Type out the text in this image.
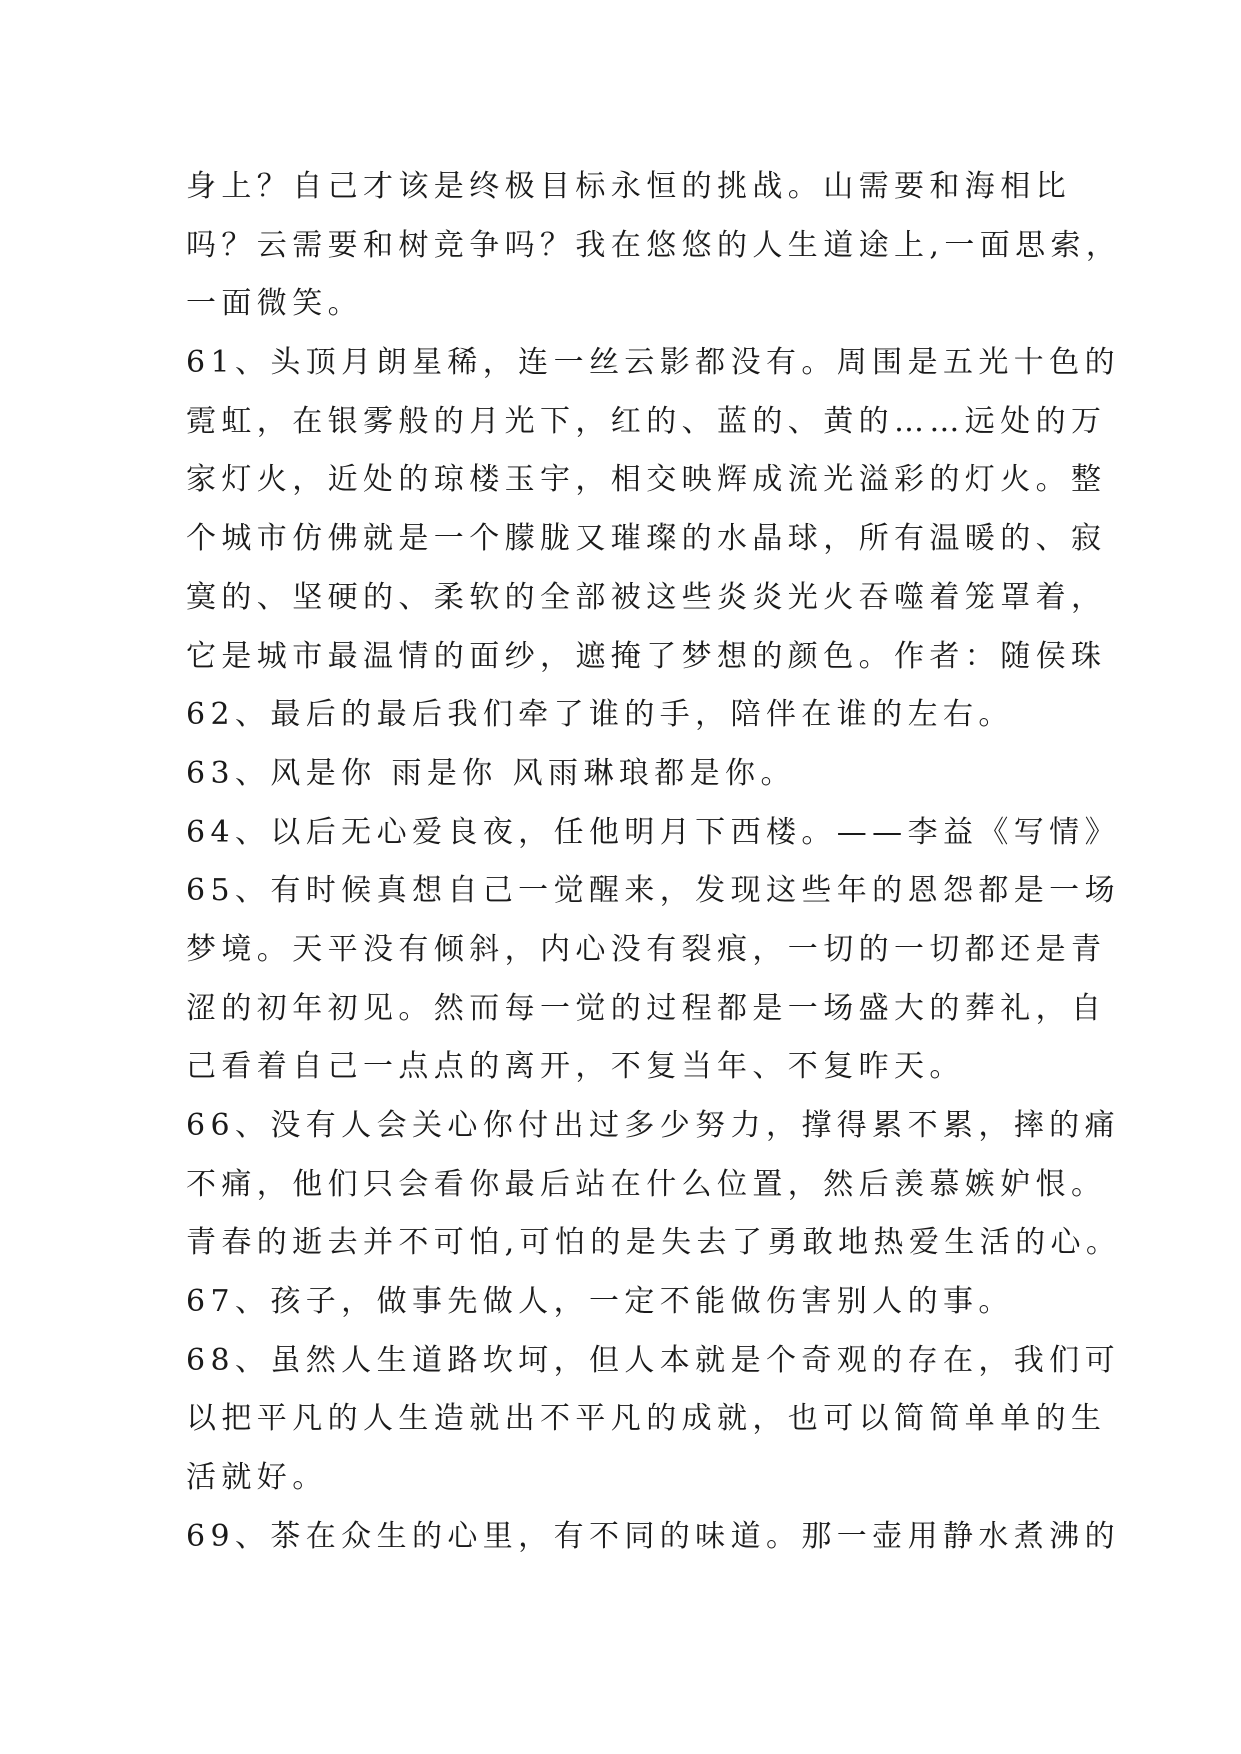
身上？自己才该是终极目标永恒的挑战。山需要和海相比
吗？云需要和树竞争吗？我在悠悠的人生道途上,一面思索，
一面微笑。
61、头顶月朗星稀，连一丝云影都没有。周围是五光十色的
霓虹，在银雾般的月光下，红的、蓝的、黄的……远处的万
家灯火，近处的琼楼玉宇，相交映辉成流光溢彩的灯火。整
个城市仿佛就是一个朦胧又璀璨的水晶球，所有温暖的、寂
寞的、坚硬的、柔软的全部被这些炎炎光火吞噬着笼罩着，
它是城市最温情的面纱，遮掩了梦想的颜色。作者：随侯珠
62、最后的最后我们牵了谁的手，陪伴在谁的左右。
63、风是你 雨是你 风雨琳琅都是你。
64、以后无心爱良夜，任他明月下西楼。——李益《写情》
65、有时候真想自己一觉醒来，发现这些年的恩怨都是一场
梦境。天平没有倾斜，内心没有裂痕，一切的一切都还是青
涩的初年初见。然而每一觉的过程都是一场盛大的葬礼，自
己看着自己一点点的离开，不复当年、不复昨天。
66、没有人会关心你付出过多少努力，撑得累不累，摔的痛
不痛，他们只会看你最后站在什么位置，然后羡慕嫉妒恨。
青春的逝去并不可怕,可怕的是失去了勇敢地热爱生活的心。
67、孩子，做事先做人，一定不能做伤害别人的事。
68、虽然人生道路坎坷，但人本就是个奇观的存在，我们可
以把平凡的人生造就出不平凡的成就，也可以简简单单的生
活就好。
69、茶在众生的心里，有不同的味道。那一壶用静水煮沸的
